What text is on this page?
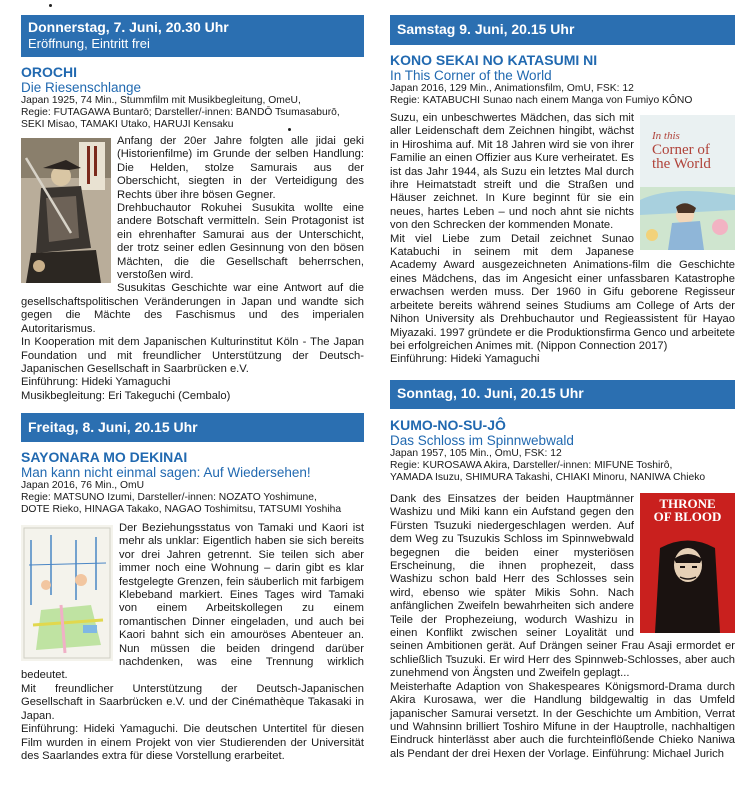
Donnerstag, 7. Juni, 20.30 Uhr
Eröffnung, Eintritt frei
OROCHI
Die Riesenschlange
Japan 1925, 74 Min., Stummfilm mit Musikbegleitung, OmeU,
Regie: FUTAGAWA Buntarō; Darsteller/-innen: BANDŌ Tsumasaburō,
SEKI Misao, TAMAKI Utako, HARUJI Kensaku

Anfang der 20er Jahre folgten alle jidai geki (Historienfilme) im Grunde der selben Handlung: Die Helden, stolze Samurais aus der Oberschicht, siegten in der Verteidigung des Rechts über ihre bösen Gegner.

Drehbuchautor Rokuhei Susukita wollte eine andere Botschaft vermitteln. Sein Protagonist ist ein ehrenhafter Samurai aus der Unterschicht, der trotz seiner edlen Gesinnung von den bösen Mächten, die die Gesellschaft beherrschen, verstoßen wird.

Susukitas Geschichte war eine Antwort auf die gesellschaftspolitischen Veränderungen in Japan und wandte sich gegen die Mächte des Faschismus und des imperialen Autoritarismus.

In Kooperation mit dem Japanischen Kulturinstitut Köln - The Japan Foundation und mit freundlicher Unterstützung der Deutsch-Japanischen Gesellschaft in Saarbrücken e.V.

Einführung: Hideki Yamaguchi
Musikbegleitung: Eri Takeguchi (Cembalo)
Freitag, 8. Juni, 20.15 Uhr
SAYONARA MO DEKINAI
Man kann nicht einmal sagen: Auf Wiedersehen!
Japan 2016, 76 Min., OmU
Regie: MATSUNO Izumi, Darsteller/-innen: NOZATO Yoshimune,
DOTE Rieko, HINAGA Takako, NAGAO Toshimitsu, TATSUMI Yoshiha

Der Beziehungsstatus von Tamaki und Kaori ist mehr als unklar: Eigentlich haben sie sich bereits vor drei Jahren getrennt. Sie teilen sich aber immer noch eine Wohnung – darin gibt es klar festgelegte Grenzen, fein säuberlich mit farbigem Klebeband markiert. Eines Tages wird Tamaki von einem Arbeitskollegen zu einem romantischen Dinner eingeladen, und auch bei Kaori bahnt sich ein amouröses Abenteuer an. Nun müssen die beiden dringend darüber nachdenken, was eine Trennung wirklich bedeutet.

Mit freundlicher Unterstützung der Deutsch-Japanischen Gesellschaft in Saarbrücken e.V. und der Cinémathèque Takasaki in Japan.

Einführung: Hideki Yamaguchi. Die deutschen Untertitel für diesen Film wurden in einem Projekt von vier Studierenden der Universität des Saarlandes extra für diese Vorstellung erarbeitet.

Samstag 9. Juni, 20.15 Uhr
KONO SEKAI NO KATASUMI NI
In This Corner of the World
Japan 2016, 129 Min., Animationsfilm, OmU, FSK: 12
Regie: KATABUCHI Sunao nach einem Manga von Fumiyo KÔNO
In this
Corner of
the World

Suzu, ein unbeschwertes Mädchen, das sich mit aller Leidenschaft dem Zeichnen hingibt, wächst in Hiroshima auf. Mit 18 Jahren wird sie von ihrer Familie an einen Offizier aus Kure verheiratet. Es ist das Jahr 1944, als Suzu ein letztes Mal durch ihre Heimatstadt streift und die Straßen und Häuser zeichnet. In Kure beginnt für sie ein neues, hartes Leben – und noch ahnt sie nichts von den Schrecken der kommenden Monate.

Mit viel Liebe zum Detail zeichnet Sunao Katabuchi in seinem mit dem Japanese Academy Award ausgezeichneten Animations-film die Geschichte eines Mädchens, das im Angesicht einer unfassbaren Katastrophe erwachsen werden muss. Der 1960 in Gifu geborene Regisseur arbeitete bereits während seines Studiums am College of Arts der Nihon University als Drehbuchautor und Regieassistent für Hayao Miyazaki. 1997 gründete er die Produktionsfirma Genco und arbeitete bei erfolgreichen Animes mit. (Nippon Connection 2017)

Einführung: Hideki Yamaguchi
Sonntag, 10. Juni, 20.15 Uhr
KUMO-NO-SU-JÔ
Das Schloss im Spinnwebwald
Japan 1957, 105 Min., OmU, FSK: 12
Regie: KUROSAWA Akira, Darsteller/-innen: MIFUNE Toshirô,
YAMADA Isuzu, SHIMURA Takashi, CHIAKI Minoru, NANIWA Chieko
THRONE
OF BLOOD

Dank des Einsatzes der beiden Hauptmänner Washizu und Miki kann ein Aufstand gegen den Fürsten Tsuzuki niedergeschlagen werden. Auf dem Weg zu Tsuzukis Schloss im Spinnwebwald begegnen die beiden einer mysteriösen Erscheinung, die ihnen prophezeit, dass Washizu schon bald Herr des Schlosses sein wird, ebenso wie später Mikis Sohn. Nach anfänglichen Zweifeln bewahrheiten sich andere Teile der Prophezeiung, wodurch Washizu in einen Konflikt zwischen seiner Loyalität und seinen Ambitionen gerät. Auf Drängen seiner Frau Asaji ermordet er schließlich Tsuzuki. Er wird Herr des Spinnweb-Schlosses, aber auch zunehmend von Ängsten und Zweifeln geplagt...

Meisterhafte Adaption von Shakespeares Königsmord-Drama durch Akira Kurosawa, wer die Handlung bildgewaltig in das Umfeld japanischer Samurai versetzt. In der Geschichte um Ambition, Verrat und Wahnsinn brilliert Toshiro Mifune in der Hauptrolle, nachhaltigen Eindruck hinterlässt aber auch die furchteinflößende Chieko Naniwa als Pendant der drei Hexen der Vorlage. Einführung: Michael Jurich
